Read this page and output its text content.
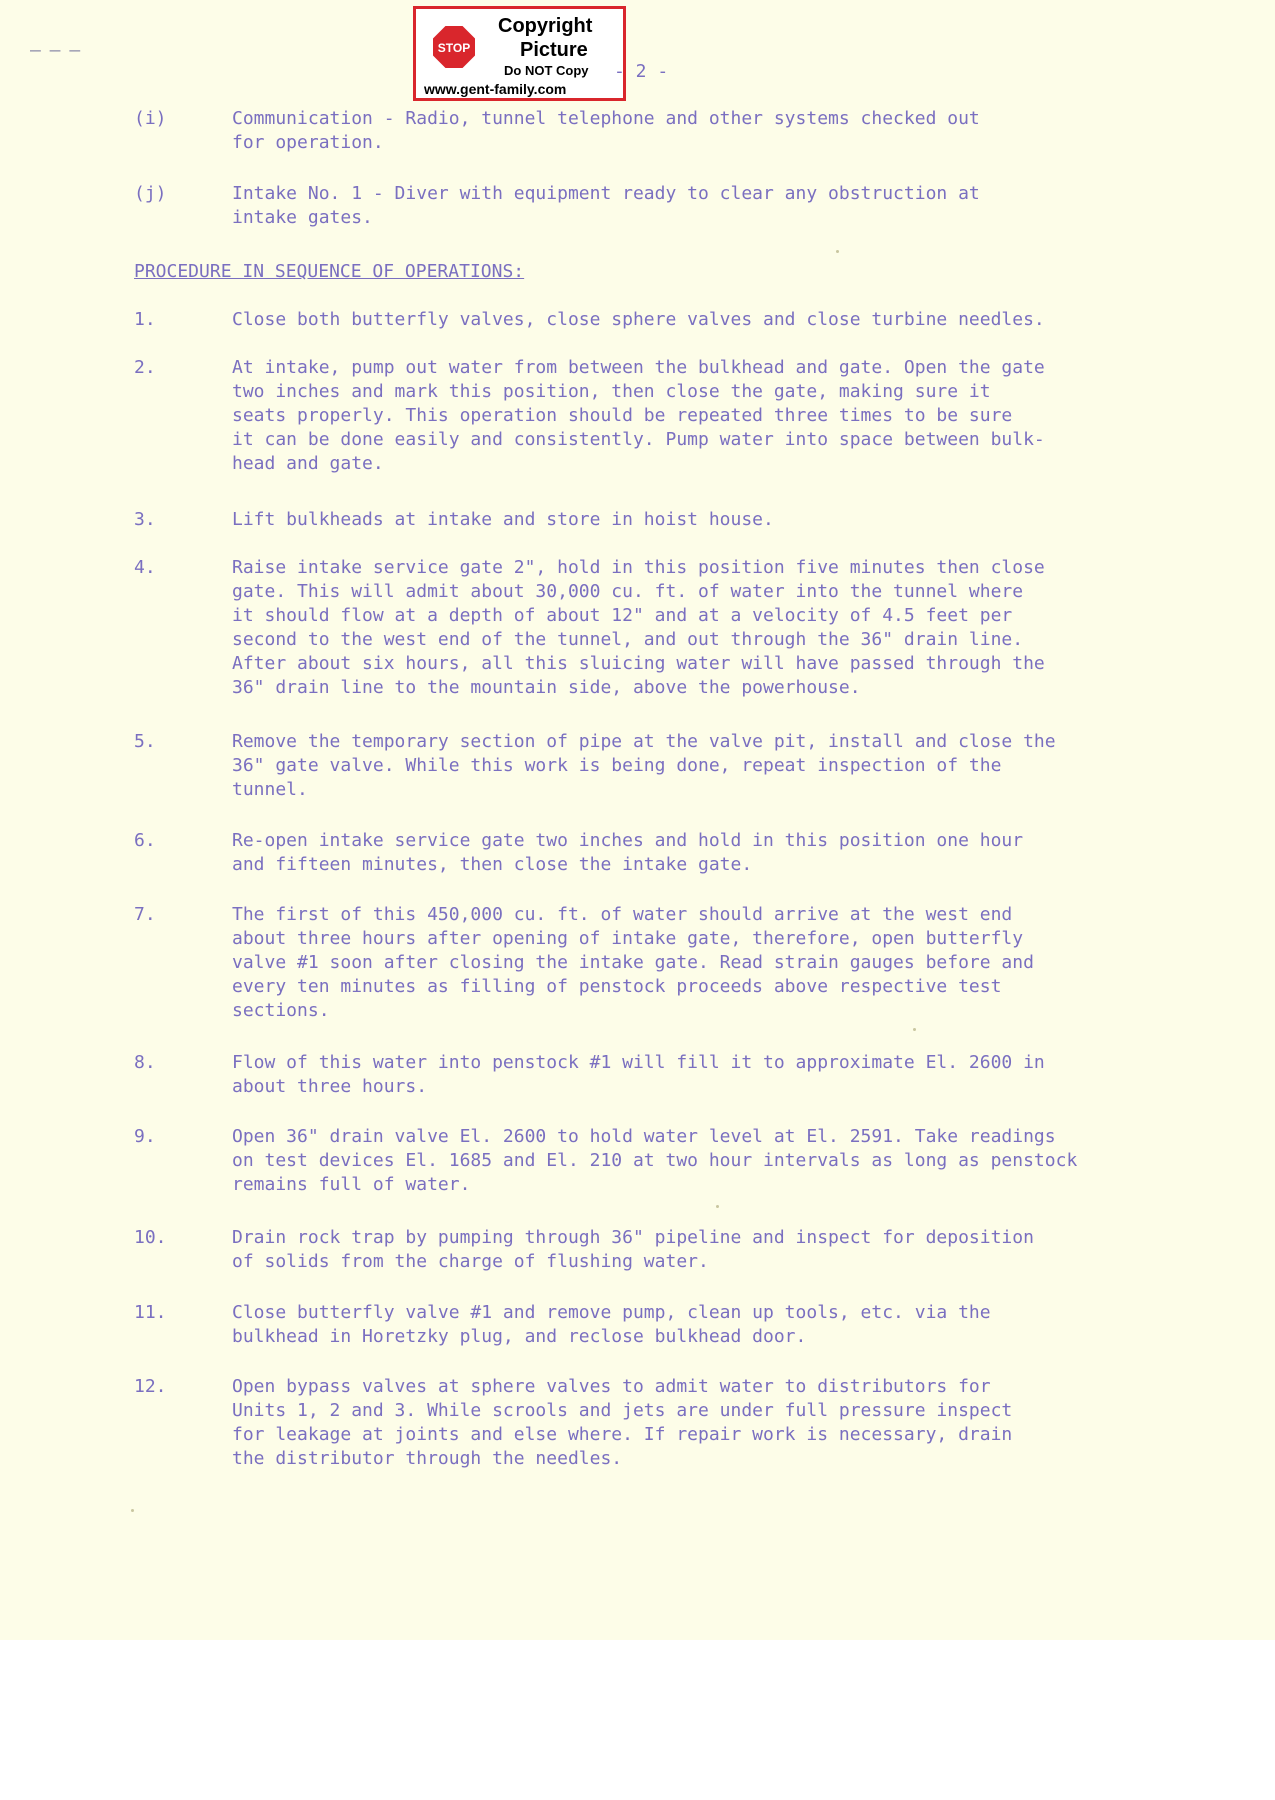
— — —	STOP
Copyright
Picture
Do NOT Copy
www.gent-family.com
- 2 -
(i)	Communication - Radio, tunnel telephone and other systems checked out
for operation.
(j)	Intake No. 1 - Diver with equipment ready to clear any obstruction at
intake gates.
PROCEDURE IN SEQUENCE OF OPERATIONS:
1.	Close both butterfly valves, close sphere valves and close turbine needles.
2.	At intake, pump out water from between the bulkhead and gate. Open the gate
two inches and mark this position, then close the gate, making sure it
seats properly. This operation should be repeated three times to be sure
it can be done easily and consistently. Pump water into space between bulk-
head and gate.
3.	Lift bulkheads at intake and store in hoist house.
4.	Raise intake service gate 2", hold in this position five minutes then close
gate. This will admit about 30,000 cu. ft. of water into the tunnel where
it should flow at a depth of about 12" and at a velocity of 4.5 feet per
second to the west end of the tunnel, and out through the 36" drain line.
After about six hours, all this sluicing water will have passed through the
36" drain line to the mountain side, above the powerhouse.
5.	Remove the temporary section of pipe at the valve pit, install and close the
36" gate valve. While this work is being done, repeat inspection of the
tunnel.
6.	Re-open intake service gate two inches and hold in this position one hour
and fifteen minutes, then close the intake gate.
7.	The first of this 450,000 cu. ft. of water should arrive at the west end
about three hours after opening of intake gate, therefore, open butterfly
valve #1 soon after closing the intake gate. Read strain gauges before and
every ten minutes as filling of penstock proceeds above respective test
sections.
8.	Flow of this water into penstock #1 will fill it to approximate El. 2600 in
about three hours.
9.	Open 36" drain valve El. 2600 to hold water level at El. 2591. Take readings
on test devices El. 1685 and El. 210 at two hour intervals as long as penstock
remains full of water.
10.	Drain rock trap by pumping through 36" pipeline and inspect for deposition
of solids from the charge of flushing water.
11.	Close butterfly valve #1 and remove pump, clean up tools, etc. via the
bulkhead in Horetzky plug, and reclose bulkhead door.
12.	Open bypass valves at sphere valves to admit water to distributors for
Units 1, 2 and 3. While scrools and jets are under full pressure inspect
for leakage at joints and else where. If repair work is necessary, drain
the distributor through the needles.
